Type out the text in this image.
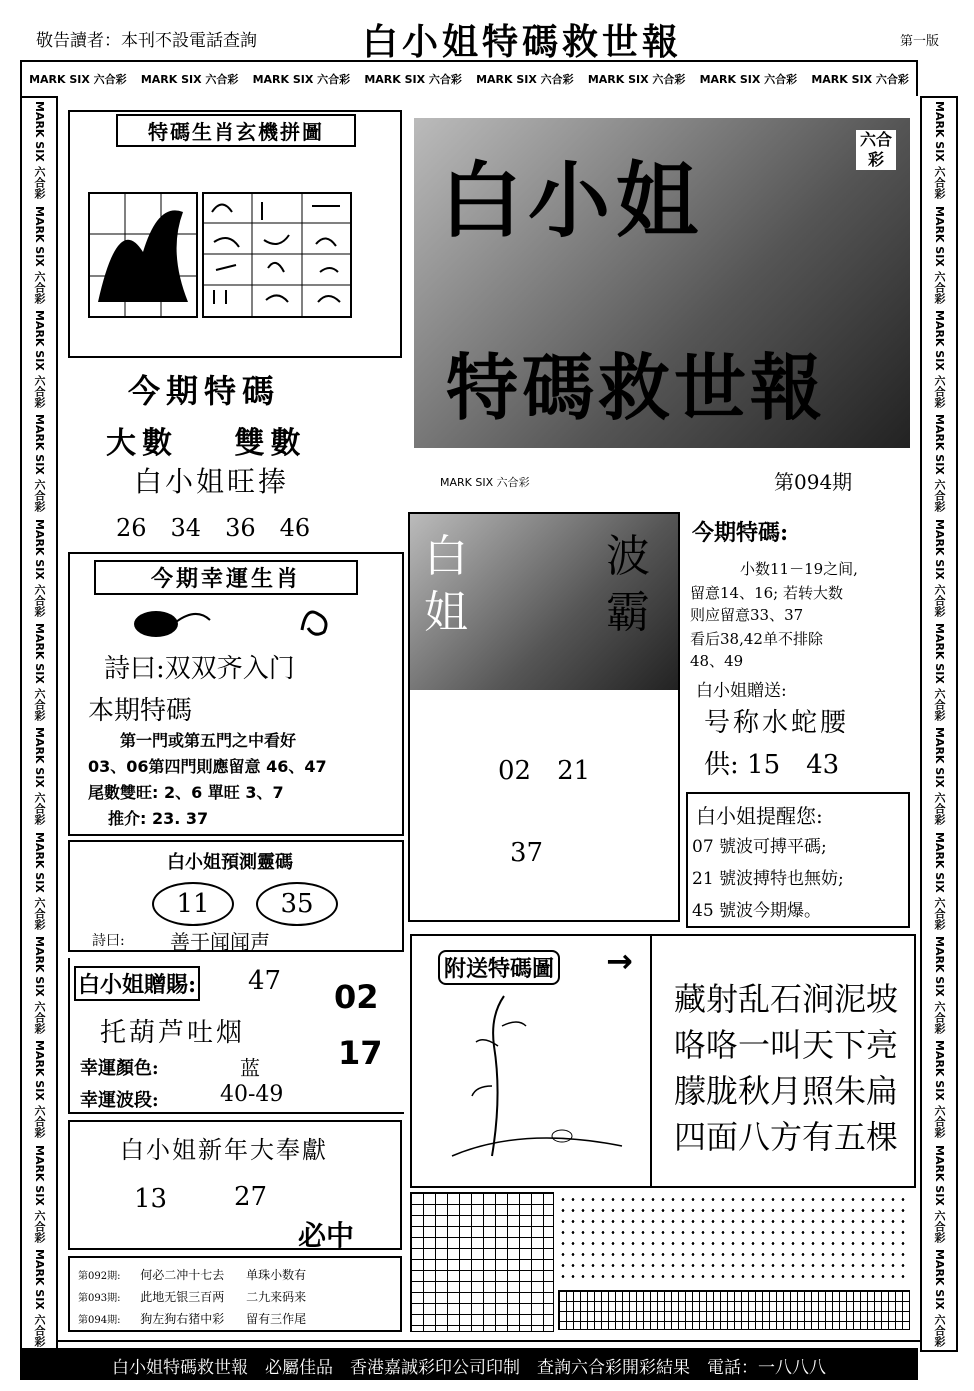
敬告讀者：本刊不設電話查詢	白小姐特碼救世報	第一版
MARK SIX 六合彩 MARK SIX 六合彩 MARK SIX 六合彩 MARK SIX 六合彩 MARK SIX 六合彩 MARK SIX 六合彩 MARK SIX 六合彩 MARK SIX 六合彩
MARK SIX 六合彩
MARK SIX 六合彩
MARK SIX 六合彩
MARK SIX 六合彩
MARK SIX 六合彩
MARK SIX 六合彩
MARK SIX 六合彩
MARK SIX 六合彩
MARK SIX 六合彩
MARK SIX 六合彩
MARK SIX 六合彩
MARK SIX 六合彩
MARK SIX 六合彩
MARK SIX 六合彩
MARK SIX 六合彩
MARK SIX 六合彩
MARK SIX 六合彩
MARK SIX 六合彩
MARK SIX 六合彩
MARK SIX 六合彩
MARK SIX 六合彩
MARK SIX 六合彩
MARK SIX 六合彩
MARK SIX 六合彩
特碼生肖玄機拼圖
今期特碼
大數 雙數
白小姐旺捧
26　34　36　46
今期幸運生肖
詩曰:双双齐入门
本期特碼
第一門或第五門之中看好
03、06第四門則應留意 46、47
尾數雙旺: 2、6 單旺 3、7
推介: 23. 37
白小姐預測靈碼
11	35
詩曰: 善于闻闻声
白小姐贈賜: 47
托葫芦吐烟
幸運顏色:	蓝
幸運波段:	40-49
02
17
白小姐新年大奉獻
13	27
必中
第092期: 何必二冲十七去 单珠小数有
第093期: 此地无银三百两 二九来码来
第094期: 狗左狗右猪中彩 留有三作尾
白小姐
特碼救世報
六合彩
MARK SIX 六合彩	第094期
白
姐
波
霸
02　21
37
今期特碼:
小数11－19之间,
留意14、16; 若转大数
则应留意33、37
看后38,42单不排除
48、49
白小姐贈送:
号称水蛇腰
供: 15　43
白小姐提醒您:
07 號波可搏平碼;
21 號波搏特也無妨;
45 號波今期爆。
附送特碼圖 →
藏射乱石涧泥坡
咯咯一叫天下亮
朦胧秋月照朱扁
四面八方有五棵
白小姐特碼救世報　必屬佳品　香港嘉誠彩印公司印制　查詢六合彩開彩結果　電話：一八八八
